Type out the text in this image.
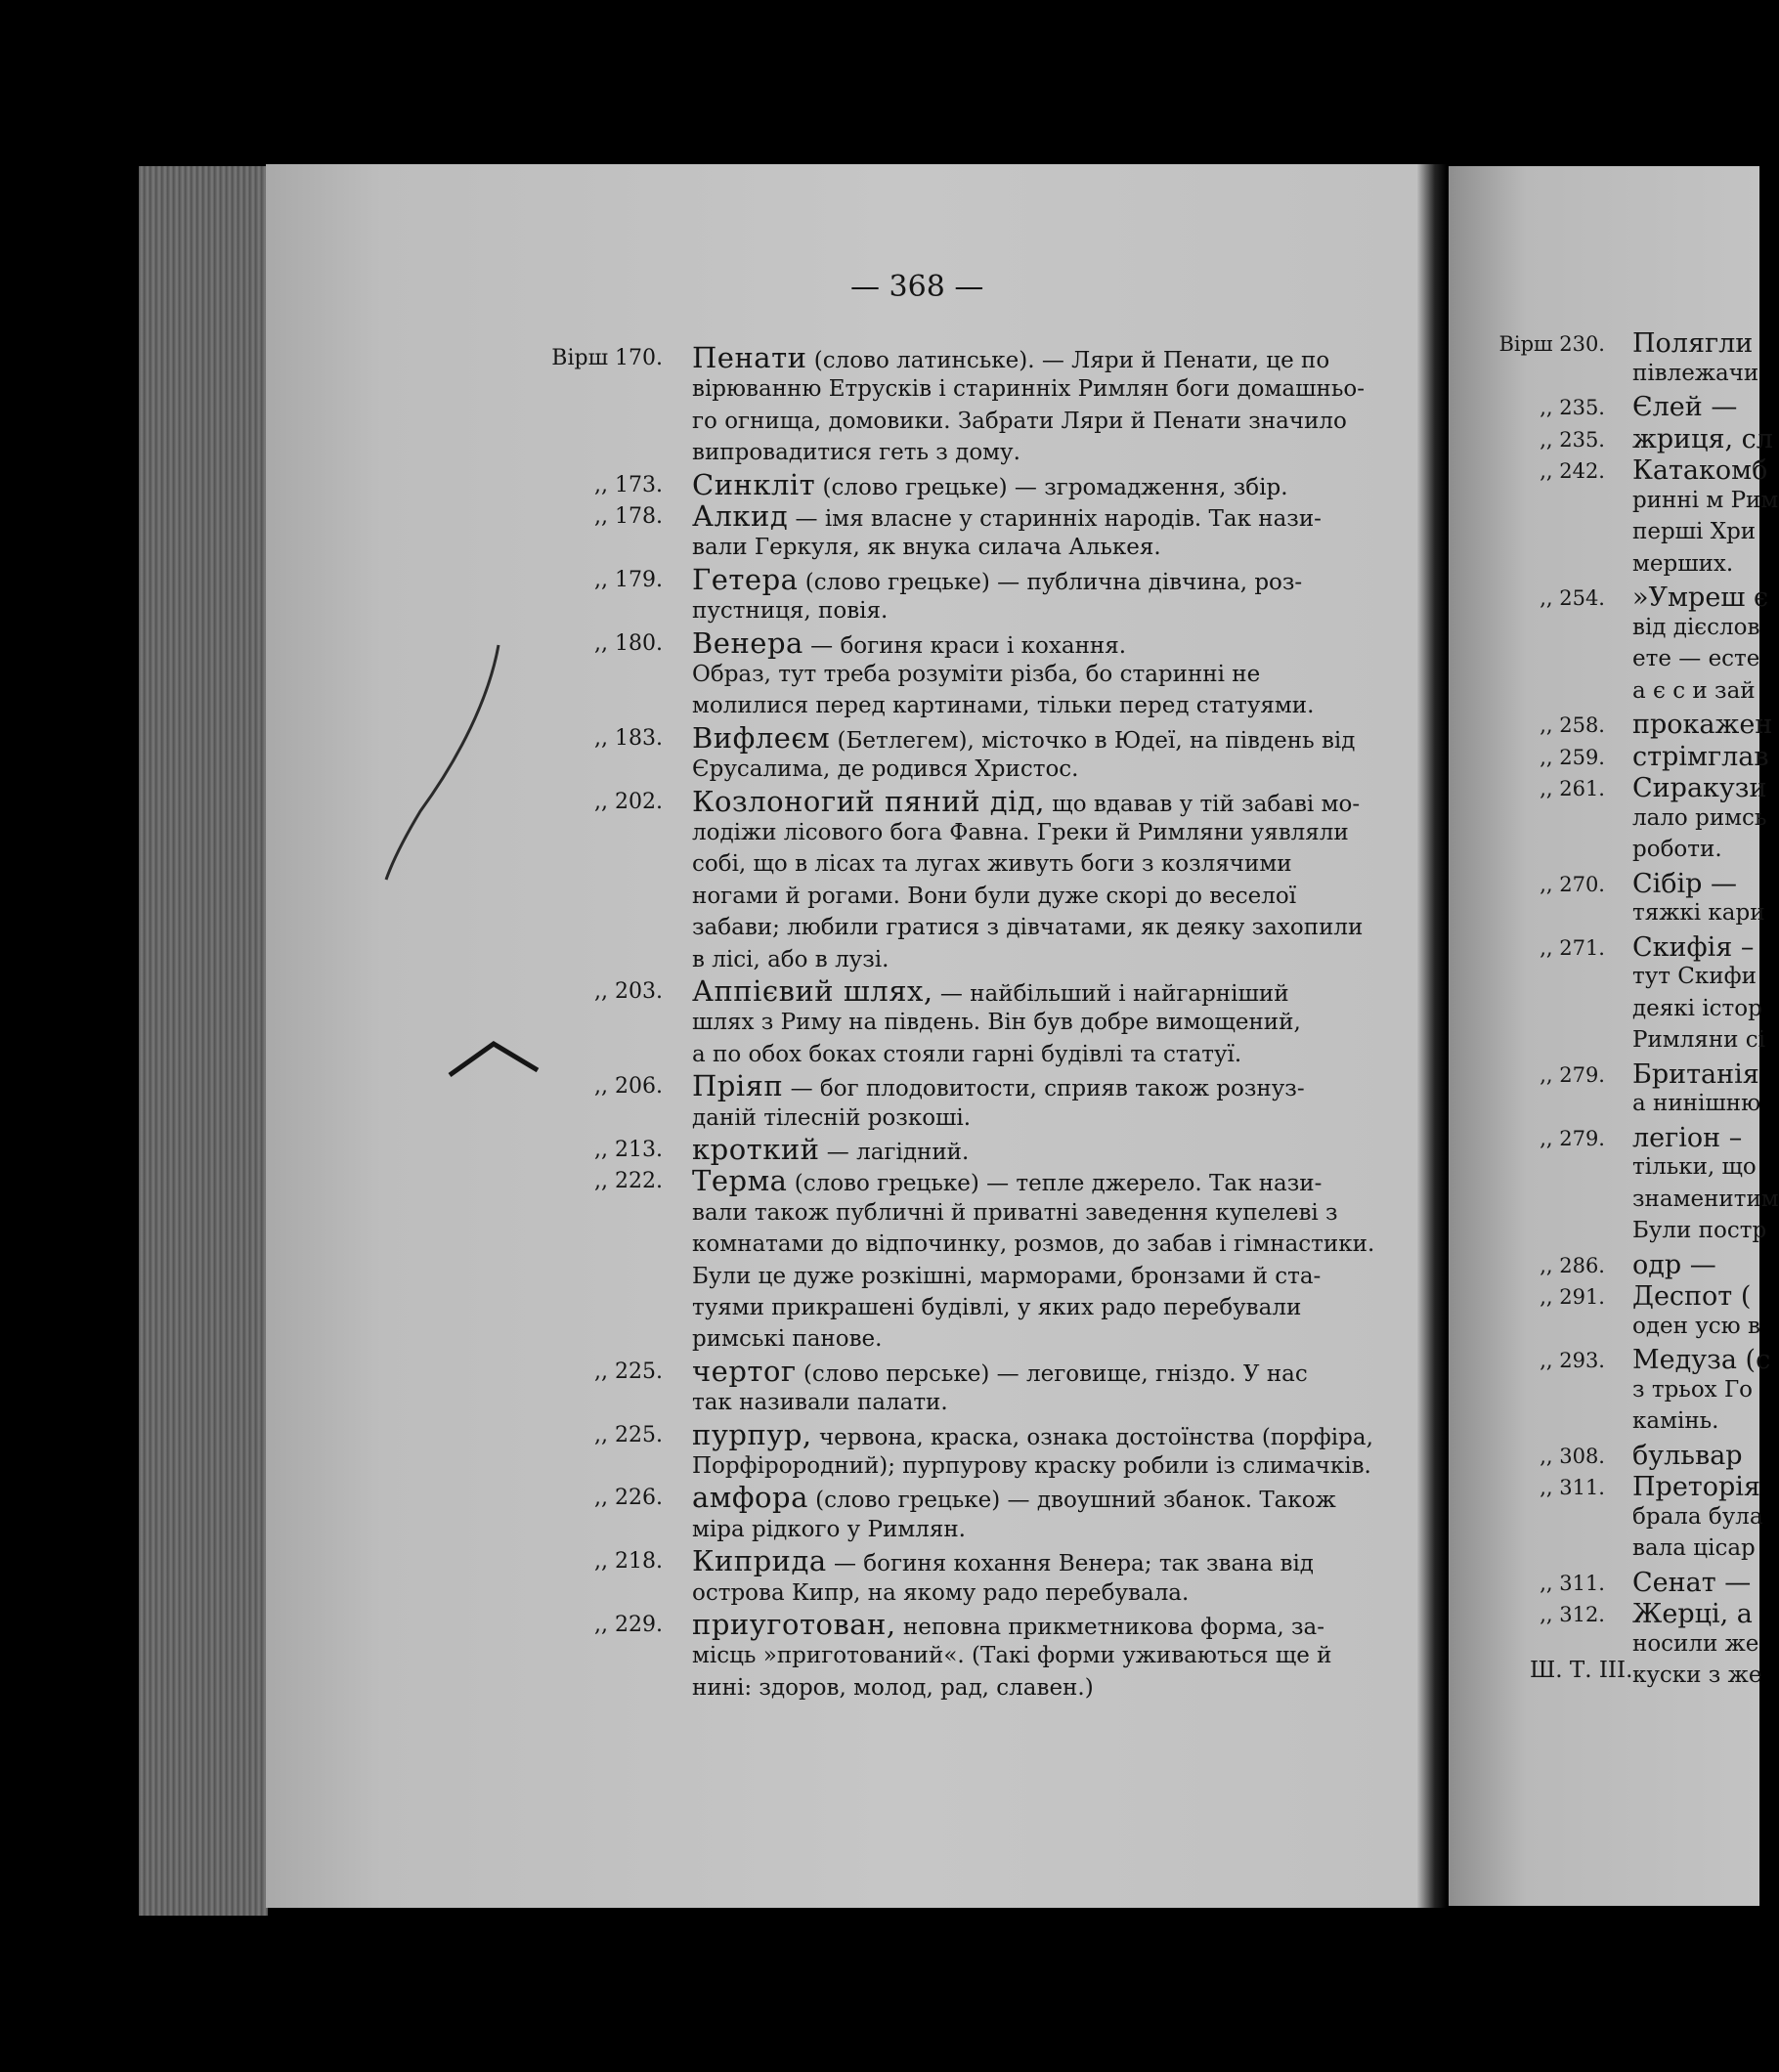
— 368 —
Вірш 170. Пенати (слово латинське). — Ляри й Пенати, це по
вірюванню Етрусків і старинніх Римлян боги домашньо-
го огнища, домовики. Забрати Ляри й Пенати значило
випровадитися геть з дому.
,, 173. Синкліт (слово грецьке) — згромадження, збір.
,, 178. Алкид — імя власне у старинніх народів. Так нази-
вали Геркуля, як внука силача Алькея.
,, 179. Гетера (слово грецьке) — публична дівчина, роз-
пустниця, повія.
,, 180. Венера — богиня краси і кохання.
Образ, тут треба розуміти різба, бо старинні не
молилися перед картинами, тільки перед статуями.
,, 183. Вифлеєм (Бетлегем), місточко в Юдеї, на південь від
Єрусалима, де родився Христос.
,, 202. Козлоногий пяний дід, що вдавав у тій забаві мо-
лодіжи лісового бога Фавна. Греки й Римляни уявляли
собі, що в лісах та лугах живуть боги з козлячими
ногами й рогами. Вони були дуже скорі до веселої
забави; любили гратися з дівчатами, як деяку захопили
в лісі, або в лузі.
,, 203. Аппієвий шлях, — найбільший і найгарніший
шлях з Риму на південь. Він був добре вимощений,
а по обох боках стояли гарні будівлі та статуї.
,, 206. Пріяп — бог плодовитости, сприяв також рознуз-
даній тілесній розкоші.
,, 213. кроткий — лагідний.
,, 222. Терма (слово грецьке) — тепле джерело. Так нази-
вали також публичні й приватні заведення купелеві з
комнатами до відпочинку, розмов, до забав і гімнастики.
Були це дуже розкішні, марморами, бронзами й ста-
туями прикрашені будівлі, у яких радо перебували
римські панове.
,, 225. чертог (слово перське) — леговище, гніздо. У нас
так називали палати.
,, 225. пурпур, червона, краска, ознака достоїнства (порфіра,
Порфірородний); пурпурову краску робили із слимачків.
,, 226. амфора (слово грецьке) — двоушний збанок. Також
міра рідкого у Римлян.
,, 218. Киприда — богиня кохання Венера; так звана від
острова Кипр, на якому радо перебувала.
,, 229. приуготован, неповна прикметникова форма, за-
місць »приготований«. (Такі форми уживаються ще й
нині: здоров, молод, рад, славен.)
Вірш 230. Полягли
півлежачи
,, 235. Єлей —
,, 235. жриця, сл
,, 242. Катакомб
ринні м Рим
перші Хри
мерших.
,, 254. »Умреш є
від дієслов
ете — есте
а є с и зай
,, 258. прокажен
,, 259. стрімглав
,, 261. Сиракузи
лало римсь
роботи.
,, 270. Сібір —
тяжкі кари
,, 271. Скифія –
тут Скифи
деякі істор
Римляни сі
,, 279. Британія
а нинішню
,, 279. легіон –
тільки, що
знаменитим
Були постр
,, 286. одр —
,, 291. Деспот (
оден усю в
,, 293. Медуза (с
з трьох Го
камінь.
,, 308. бульвар
,, 311. Преторія
брала була
вала цісар
,, 311. Сенат —
,, 312. Жерці, а
носили же
куски з же
Ш. Т. III.
